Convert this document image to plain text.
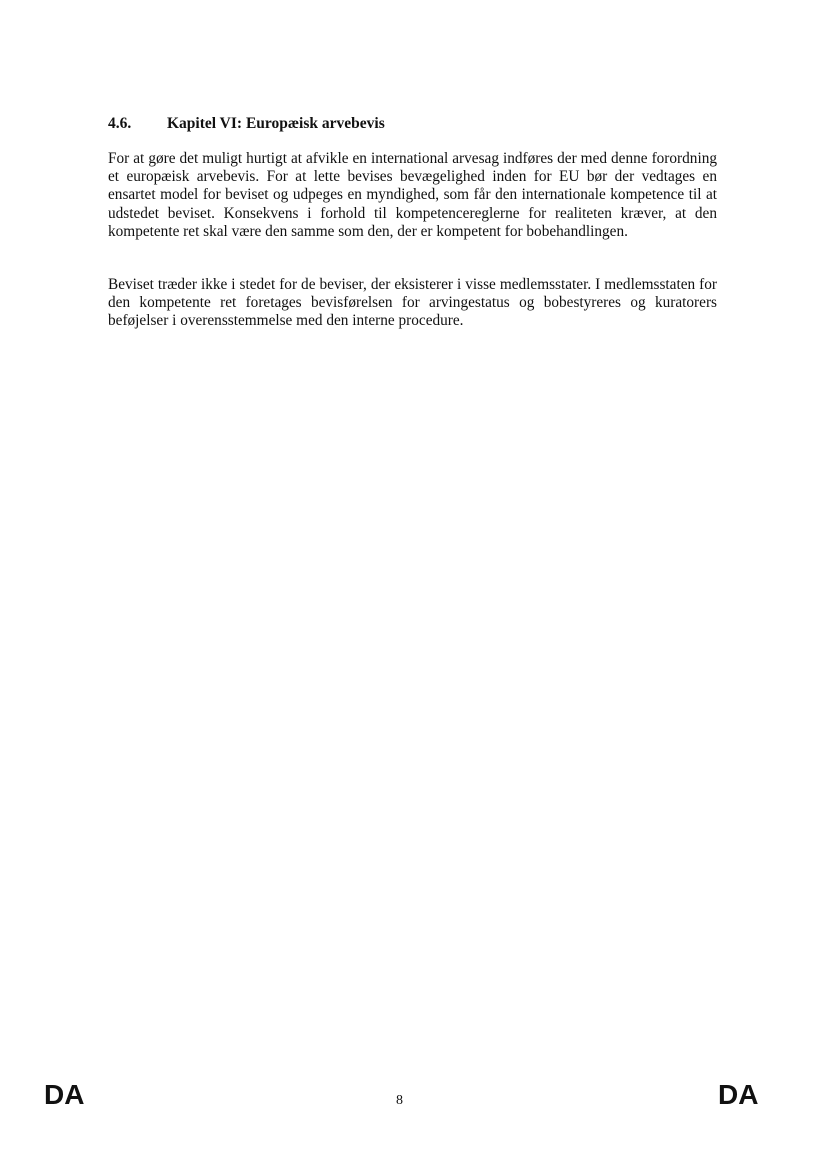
4.6. Kapitel VI: Europæisk arvebevis

For at gøre det muligt hurtigt at afvikle en international arvesag indføres der med denne forordning et europæisk arvebevis. For at lette bevises bevægelighed inden for EU bør der vedtages en ensartet model for beviset og udpeges en myndighed, som får den internationale kompetence til at udstedet beviset. Konsekvens i forhold til kompetencereglerne for realiteten kræver, at den kompetente ret skal være den samme som den, der er kompetent for bobehandlingen.

Beviset træder ikke i stedet for de beviser, der eksisterer i visse medlemsstater. I medlemsstaten for den kompetente ret foretages bevisførelsen for arvingestatus og bobestyreres og kuratorers beføjelser i overensstemmelse med den interne procedure.

DA	8	DA
